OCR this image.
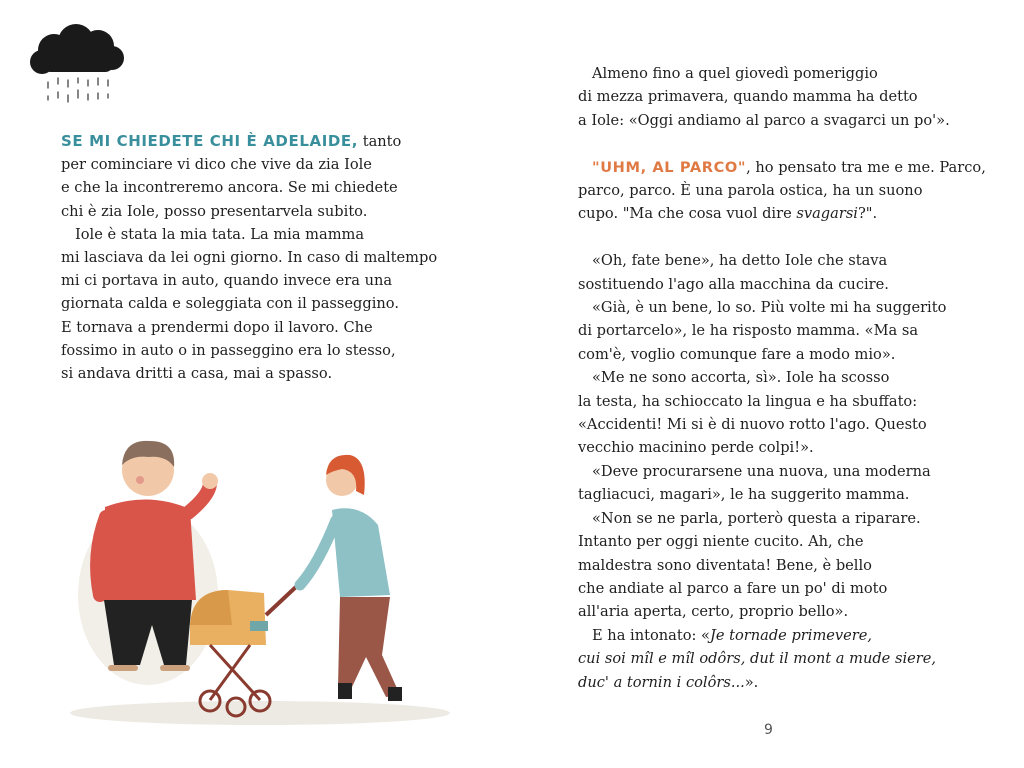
SE MI CHIEDETE CHI È ADELAIDE, tanto

per cominciare vi dico che vive da zia Iole

e che la incontreremo ancora. Se mi chiedete

chi è zia Iole, posso presentarvela subito.

Iole è stata la mia tata. La mia mamma

mi lasciava da lei ogni giorno. In caso di maltempo

mi ci portava in auto, quando invece era una

giornata calda e soleggiata con il passeggino.

E tornava a prendermi dopo il lavoro. Che

fossimo in auto o in passeggino era lo stesso,

si andava dritti a casa, mai a spasso.

Almeno fino a quel giovedì pomeriggio

di mezza primavera, quando mamma ha detto

a Iole: «Oggi andiamo al parco a svagarci un po'».

"UHM, AL PARCO", ho pensato tra me e me. Parco,

parco, parco. È una parola ostica, ha un suono

cupo. "Ma che cosa vuol dire svagarsi?".

«Oh, fate bene», ha detto Iole che stava

sostituendo l'ago alla macchina da cucire.

«Già, è un bene, lo so. Più volte mi ha suggerito

di portarcelo», le ha risposto mamma. «Ma sa

com'è, voglio comunque fare a modo mio».

«Me ne sono accorta, sì». Iole ha scosso

la testa, ha schioccato la lingua e ha sbuffato:

«Accidenti! Mi si è di nuovo rotto l'ago. Questo

vecchio macinino perde colpi!».

«Deve procurarsene una nuova, una moderna

tagliacuci, magari», le ha suggerito mamma.

«Non se ne parla, porterò questa a riparare.

Intanto per oggi niente cucito. Ah, che

maldestra sono diventata! Bene, è bello

che andiate al parco a fare un po' di moto

all'aria aperta, certo, proprio bello».

E ha intonato: «Je tornade primevere,

cui soi mîl e mîl odôrs, dut il mont a mude siere,

duc' a tornin i colôrs...».

9
